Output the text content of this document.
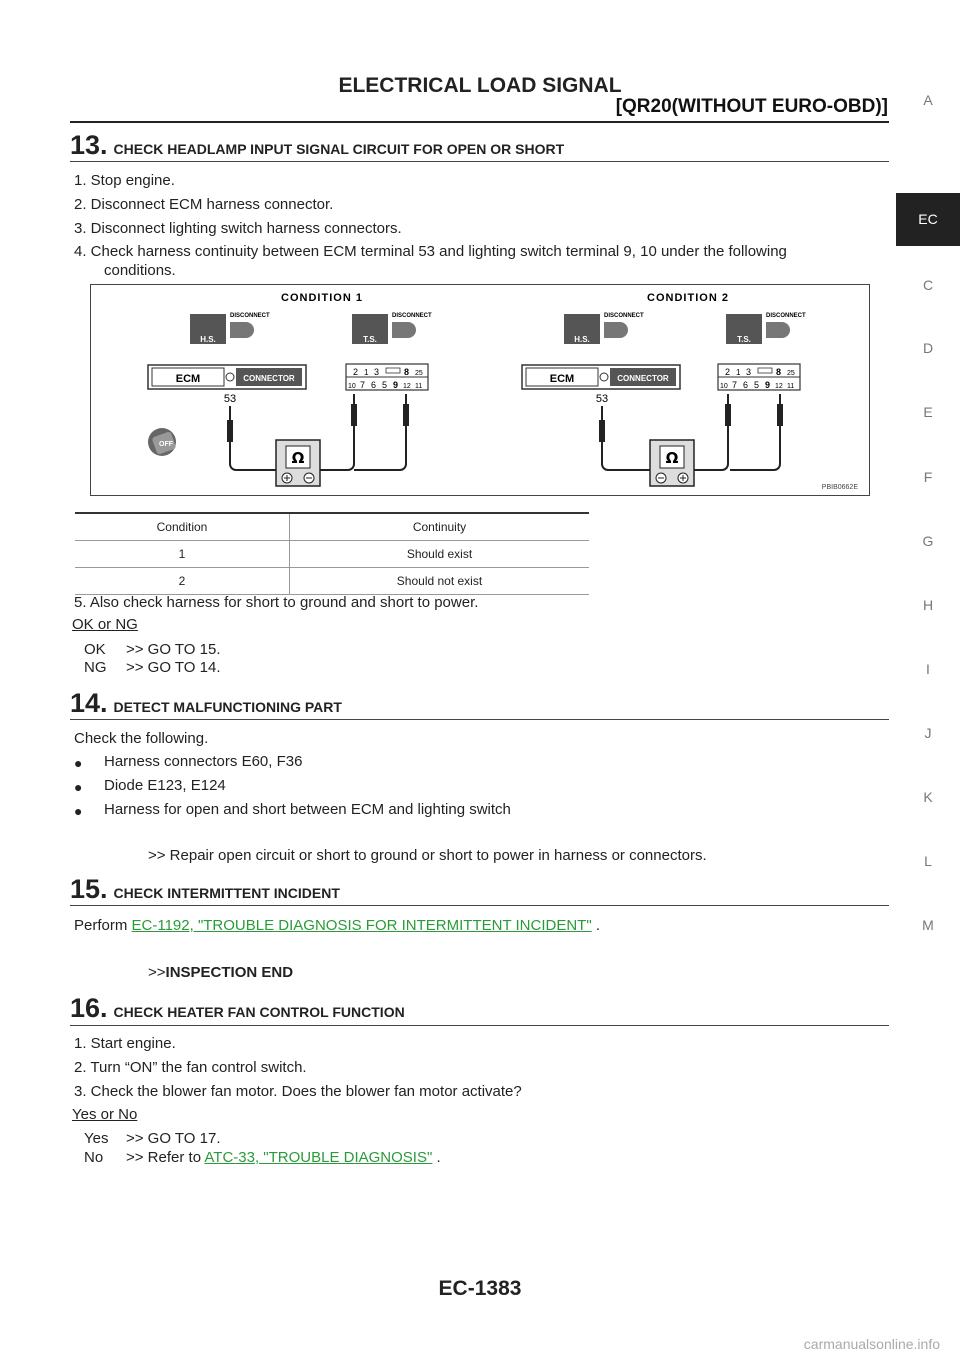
ELECTRICAL LOAD SIGNAL
[QR20(WITHOUT EURO-OBD)]	A
EC
C
D
E
F
G
H
I
J
K
L
M
13. CHECK HEADLAMP INPUT SIGNAL CIRCUIT FOR OPEN OR SHORT
1. Stop engine.
2. Disconnect ECM harness connector.
3. Disconnect lighting switch harness connectors.
4. Check harness continuity between ECM terminal 53 and lighting switch terminal 9, 10 under the following
conditions.
CONDITION 1	CONDITION 2
H.S.
DISCONNECT
T.S.
DISCONNECT
H.S.
DISCONNECT
T.S.
DISCONNECT
ECM	CONNECTOR
53
2 1 3	8 25
10 7 6 5 9 12 11
OFF
Ω
ECM	CONNECTOR
53
2 1 3	8 25
10 7 6 5 9 12 11
Ω
PBIB0662E
Condition	Continuity
1	Should exist
2	Should not exist
5. Also check harness for short to ground and short to power.
OK or NG
OK >> GO TO 15.
NG >> GO TO 14.
14. DETECT MALFUNCTIONING PART
Check the following.
● Harness connectors E60, F36
● Diode E123, E124
● Harness for open and short between ECM and lighting switch
>> Repair open circuit or short to ground or short to power in harness or connectors.
15. CHECK INTERMITTENT INCIDENT
Perform EC-1192, "TROUBLE DIAGNOSIS FOR INTERMITTENT INCIDENT" .
>>INSPECTION END
16. CHECK HEATER FAN CONTROL FUNCTION
1. Start engine.
2. Turn “ON” the fan control switch.
3. Check the blower fan motor. Does the blower fan motor activate?
Yes or No
Yes >> GO TO 17.
No >> Refer to ATC-33, "TROUBLE DIAGNOSIS" .
EC-1383
carmanualsonline.info
